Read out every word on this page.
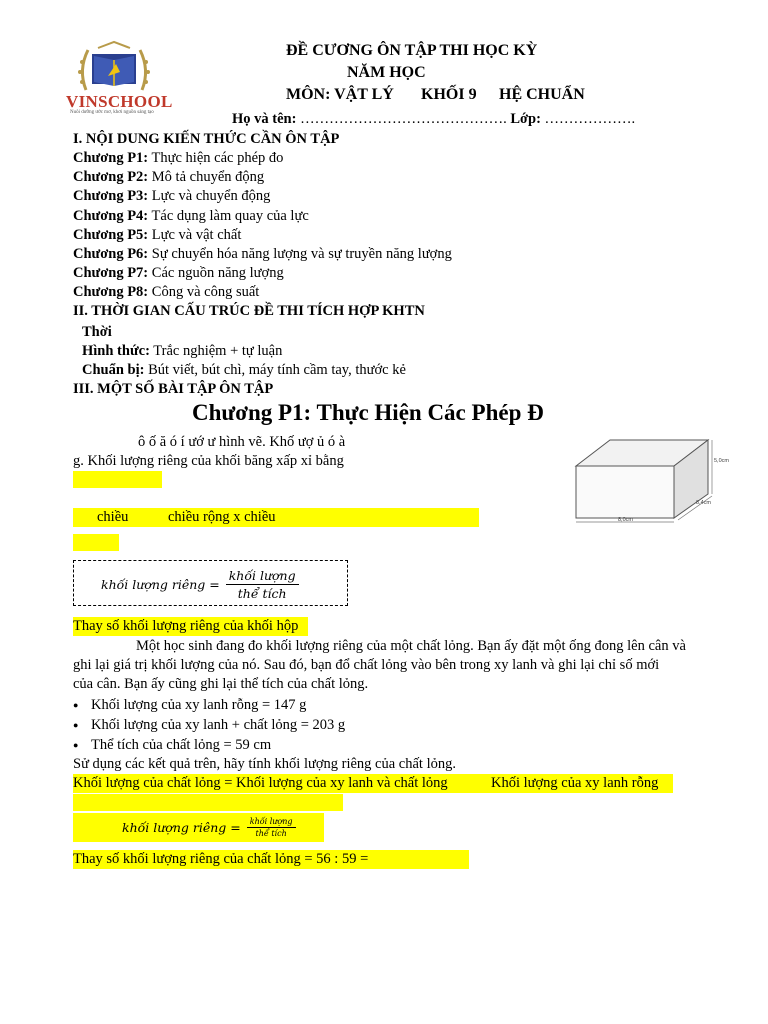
VINSCHOOL
Nuôi dưỡng ước mơ, khơi nguồn sáng tạo
ĐỀ CƯƠNG ÔN TẬP THI HỌC KỲ
NĂM HỌC
MÔN: VẬT LÝ KHỐI 9 HỆ CHUẨN
Họ và tên: ……………………………………. Lớp: ……………….
I. NỘI DUNG KIẾN THỨC CẦN ÔN TẬP
Chương P1: Thực hiện các phép đo
Chương P2: Mô tả chuyển động
Chương P3: Lực và chuyển động
Chương P4: Tác dụng làm quay của lực
Chương P5: Lực và vật chất
Chương P6: Sự chuyển hóa năng lượng và sự truyền năng lượng
Chương P7: Các nguồn năng lượng
Chương P8: Công và công suất
II. THỜI GIAN CẤU TRÚC ĐỀ THI TÍCH HỢP KHTN
Thời
Hình thức: Trắc nghiệm + tự luận
Chuẩn bị: Bút viết, bút chì, máy tính cầm tay, thước kẻ
III. MỘT SỐ BÀI TẬP ÔN TẬP
Chương P1: Thực Hiện Các Phép Đ
ô ố ă ó í ướ ư hình vẽ. Khố ượ ủ ó à
g. Khối lượng riêng của khối băng xấp xỉ bằng	5,0cm
8,4cm
8,0cm
chiều	chiều rộng x chiều
khối lượng riêng = $\frac{\text{khối lượng}}{\text{thể tích}}$
Thay số khối lượng riêng của khối hộp
Một học sinh đang đo khối lượng riêng của một chất lỏng. Bạn ấy đặt một ống đong lên cân và
ghi lại giá trị khối lượng của nó. Sau đó, bạn đổ chất lỏng vào bên trong xy lanh và ghi lại chỉ số mới
của cân. Bạn ấy cũng ghi lại thể tích của chất lỏng.
● Khối lượng của xy lanh rỗng = 147 g
● Khối lượng của xy lanh + chất lỏng = 203 g
● Thể tích của chất lỏng = 59 cm
Sử dụng các kết quả trên, hãy tính khối lượng riêng của chất lỏng.
Khối lượng của chất lỏng = Khối lượng của xy lanh và chất lỏng	Khối lượng của xy lanh rỗng
khối lượng riêng = $\frac{\text{khối lượng}}{\text{thể tích}}$
Thay số khối lượng riêng của chất lỏng = 56 : 59 =
